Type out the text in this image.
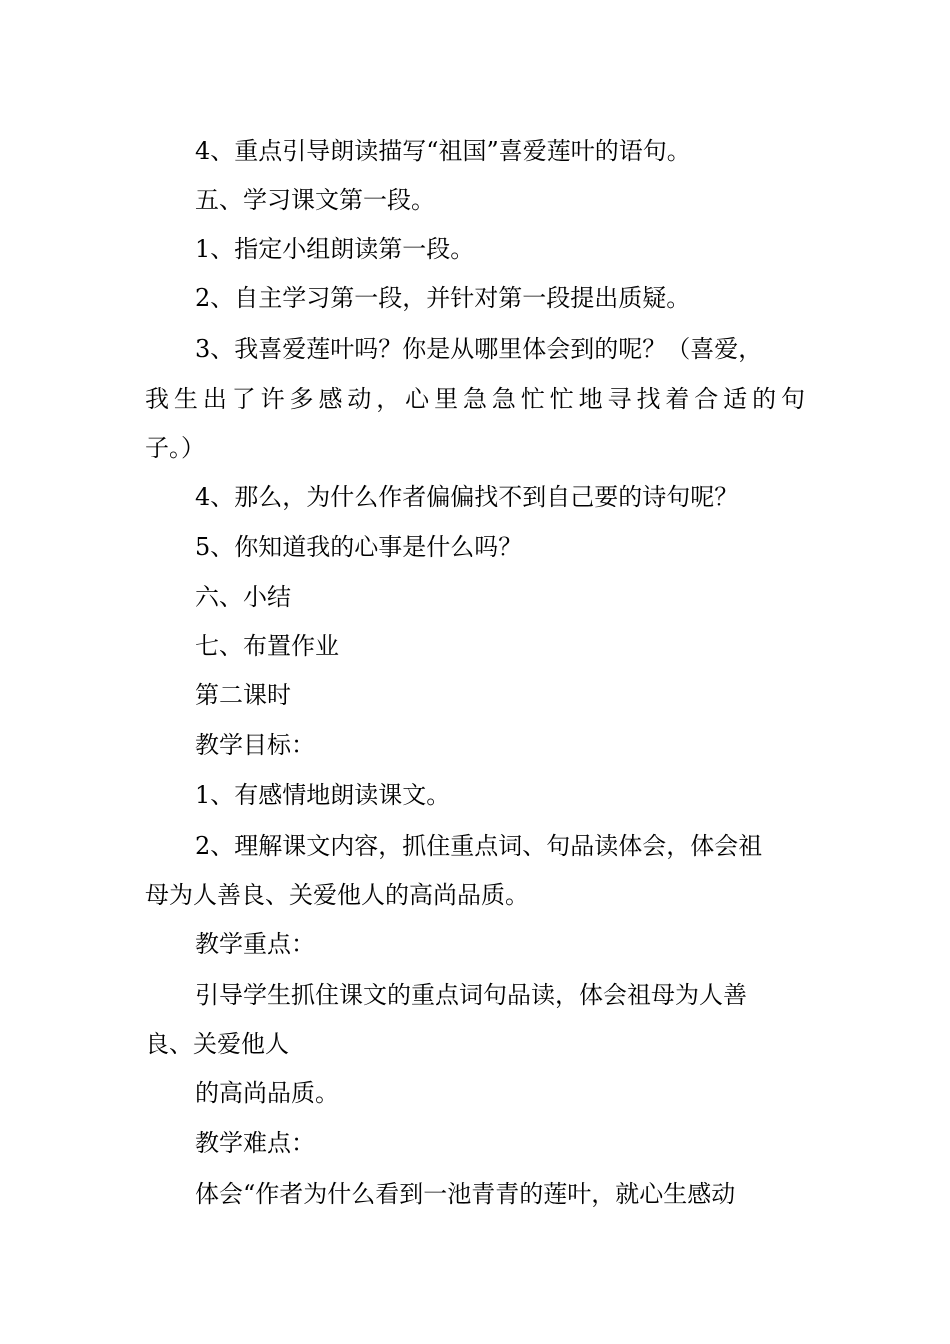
4、重点引导朗读描写“祖国”喜爱莲叶的语句。

五、学习课文第一段。

1、指定小组朗读第一段。

2、自主学习第一段，并针对第一段提出质疑。

3、我喜爱莲叶吗？你是从哪里体会到的呢？（喜爱，

我生出了许多感动，心里急急忙忙地寻找着合适的句

子。）

4、那么，为什么作者偏偏找不到自己要的诗句呢？

5、你知道我的心事是什么吗？

六、小结

七、布置作业

第二课时

教学目标：

1、有感情地朗读课文。

2、理解课文内容，抓住重点词、句品读体会，体会祖

母为人善良、关爱他人的高尚品质。

教学重点：

引导学生抓住课文的重点词句品读，体会祖母为人善

良、关爱他人

的高尚品质。

教学难点：

体会“作者为什么看到一池青青的莲叶，就心生感动
